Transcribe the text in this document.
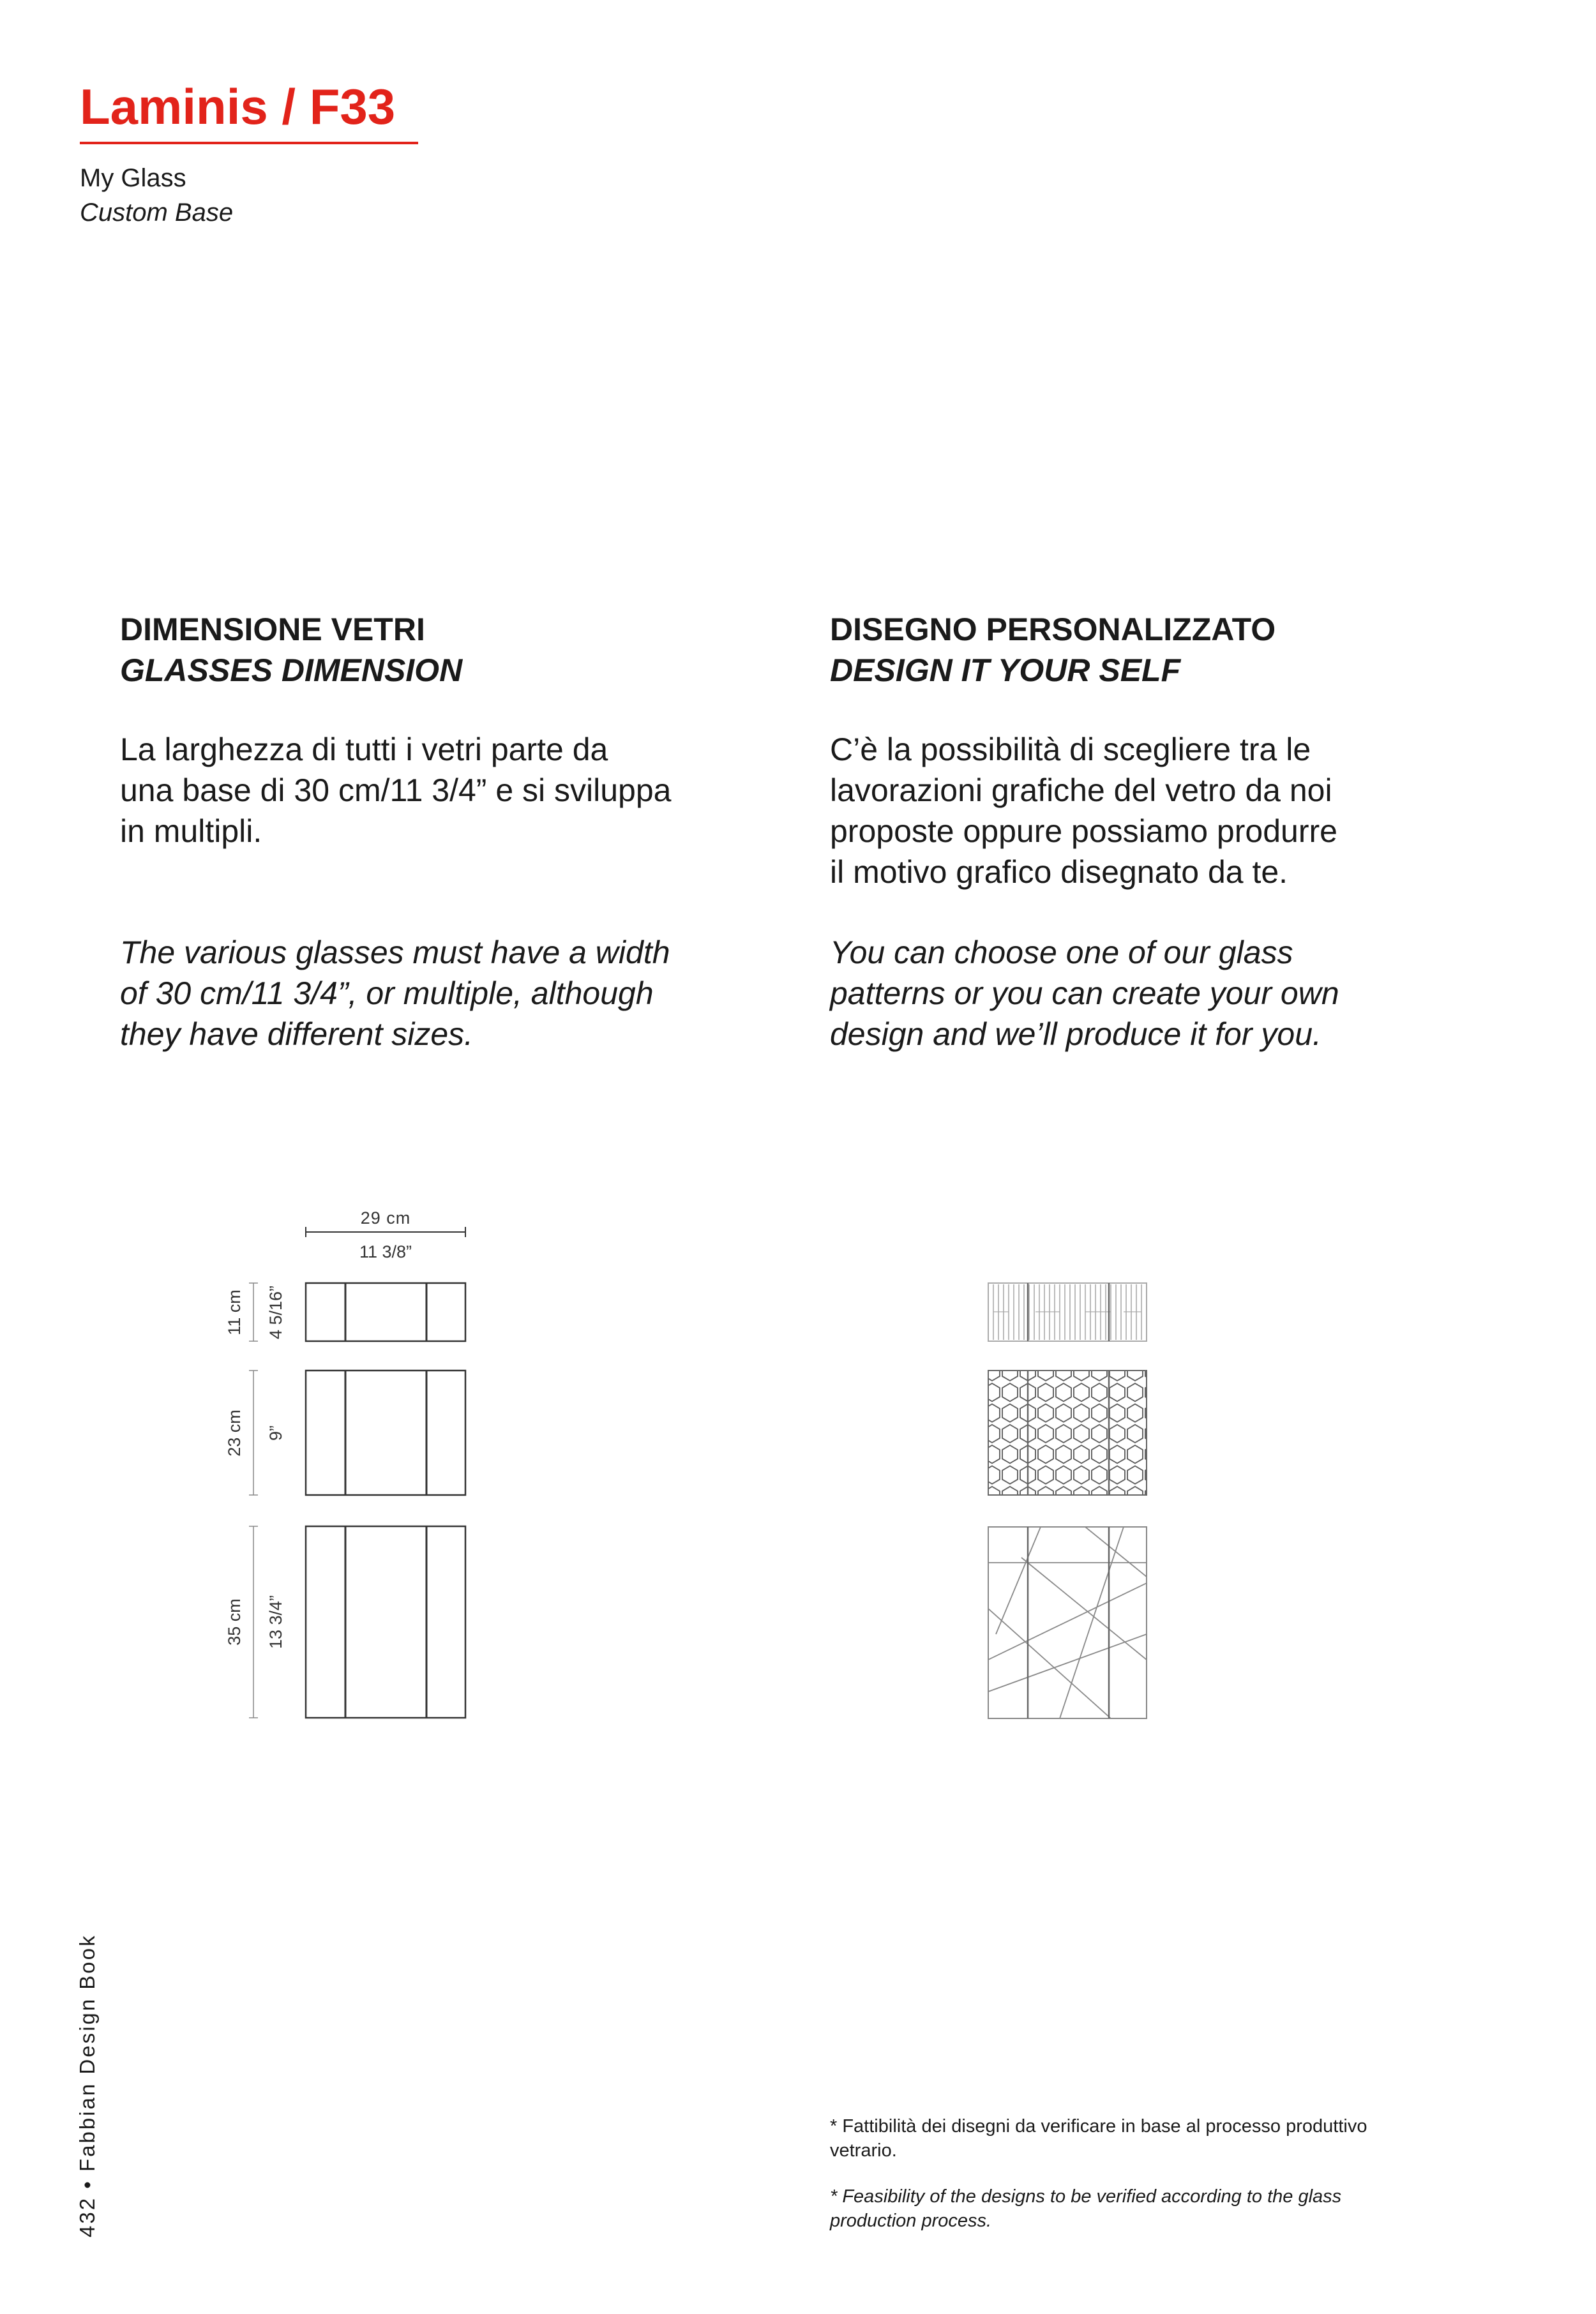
Laminis / F33
My Glass
Custom Base
DIMENSIONE VETRI
GLASSES DIMENSION
La larghezza di tutti i vetri parte da
una base di 30 cm/11 3/4” e si sviluppa
in multipli.
The various glasses must have a width
of 30 cm/11 3/4”, or multiple, although
they have different sizes.
DISEGNO PERSONALIZZATO
DESIGN IT YOUR SELF
C’è la possibilità di scegliere tra le
lavorazioni grafiche del vetro da noi
proposte oppure possiamo produrre
il motivo grafico disegnato da te.
You can choose one of our glass
patterns or you can create your own
design and we’ll produce it for you.
29 cm
11 3/8”
11 cm 4 5/16”
23 cm 9”
35 cm 13 3/4”
* Fattibilità dei disegni da verificare in base al processo produttivo
vetrario.
* Feasibility of the designs to be verified according to the glass
production process.
432 • Fabbian Design Book
